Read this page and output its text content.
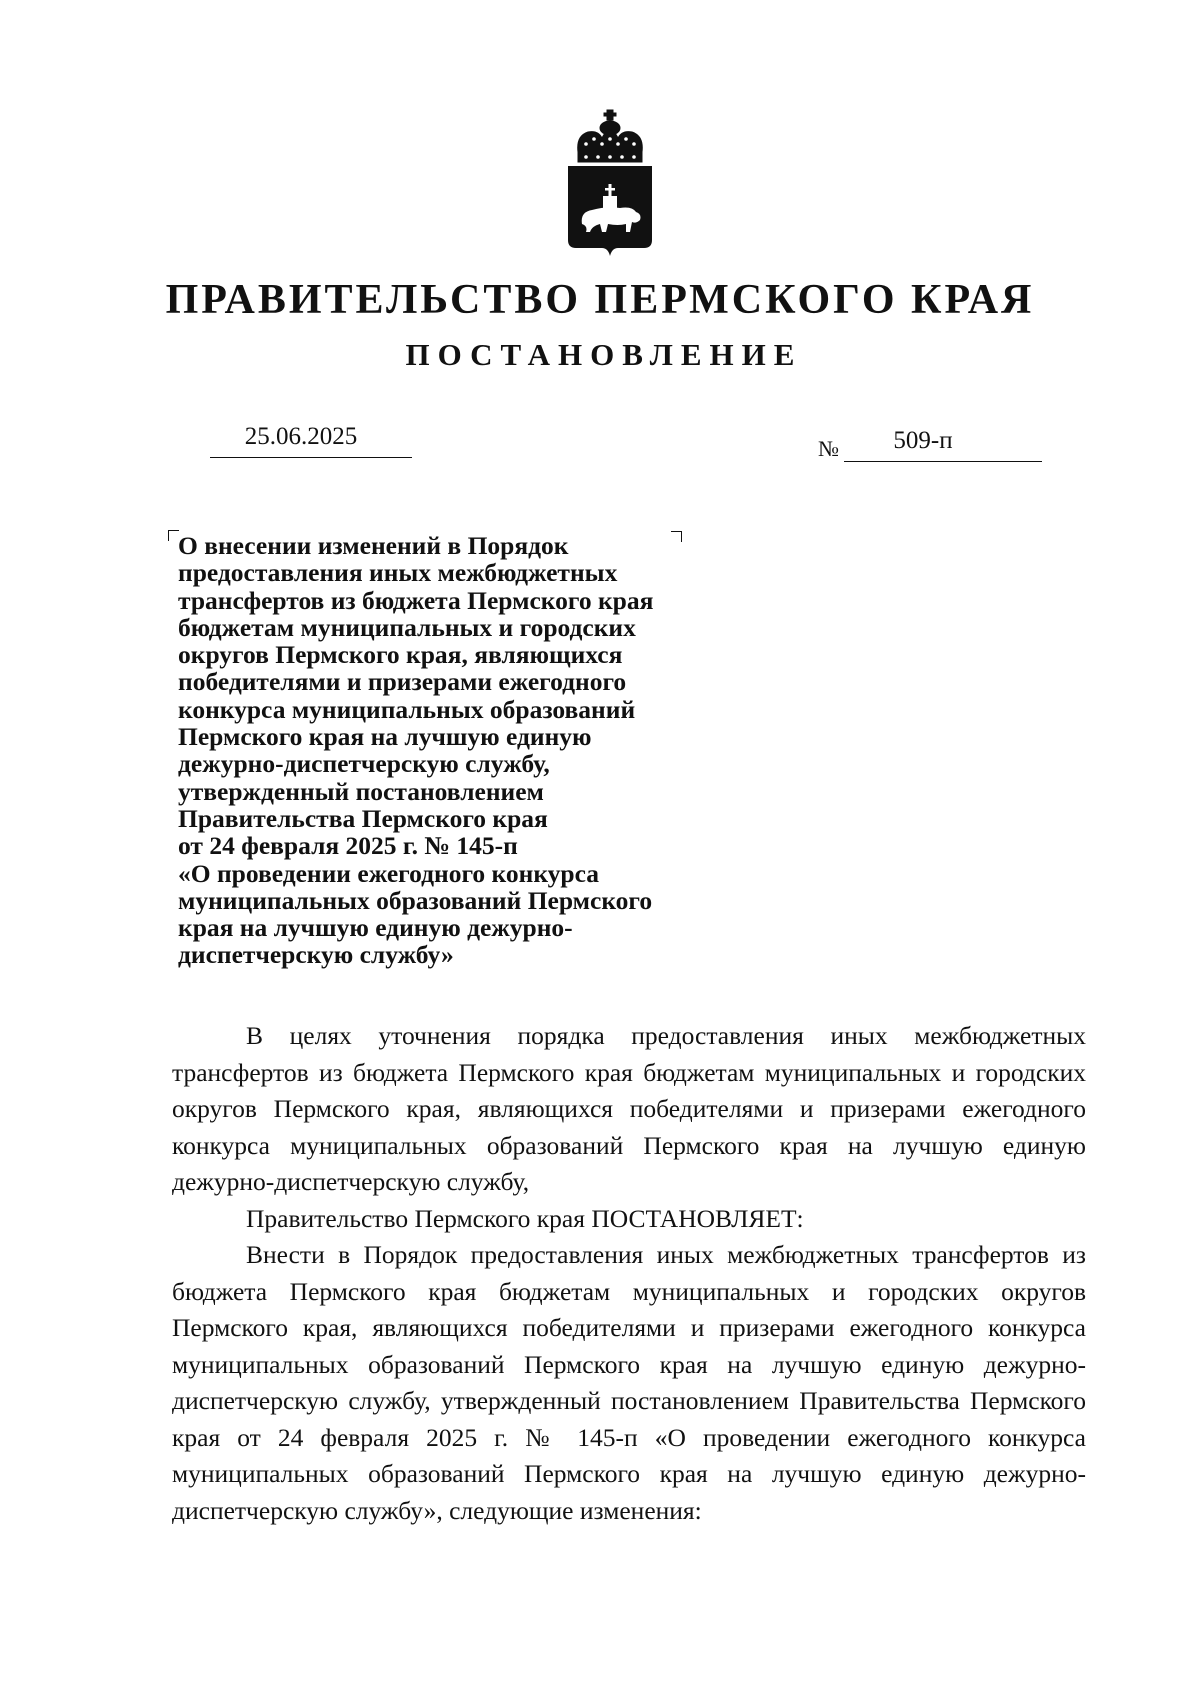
ПРАВИТЕЛЬСТВО ПЕРМСКОГО КРАЯ
ПОСТАНОВЛЕНИЕ
25.06.2025	№	509-п
О внесении изменений в Порядок
предоставления иных межбюджетных
трансфертов из бюджета Пермского края
бюджетам муниципальных и городских
округов Пермского края, являющихся
победителями и призерами ежегодного
конкурса муниципальных образований
Пермского края на лучшую единую
дежурно-диспетчерскую службу,
утвержденный постановлением
Правительства Пермского края
от 24 февраля 2025 г. № 145-п
«О проведении ежегодного конкурса
муниципальных образований Пермского
края на лучшую единую дежурно-
диспетчерскую службу»

В целях уточнения порядка предоставления иных межбюджетных трансфертов из бюджета Пермского края бюджетам муниципальных и городских округов Пермского края, являющихся победителями и призерами ежегодного конкурса муниципальных образований Пермского края на лучшую единую дежурно-диспетчерскую службу,

Правительство Пермского края ПОСТАНОВЛЯЕТ:

Внести в Порядок предоставления иных межбюджетных трансфертов из бюджета Пермского края бюджетам муниципальных и городских округов Пермского края, являющихся победителями и призерами ежегодного конкурса муниципальных образований Пермского края на лучшую единую дежурно-диспетчерскую службу, утвержденный постановлением Правительства Пермского края от 24 февраля 2025 г. № 145-п «О проведении ежегодного конкурса муниципальных образований Пермского края на лучшую единую дежурно-диспетчерскую службу», следующие изменения:
